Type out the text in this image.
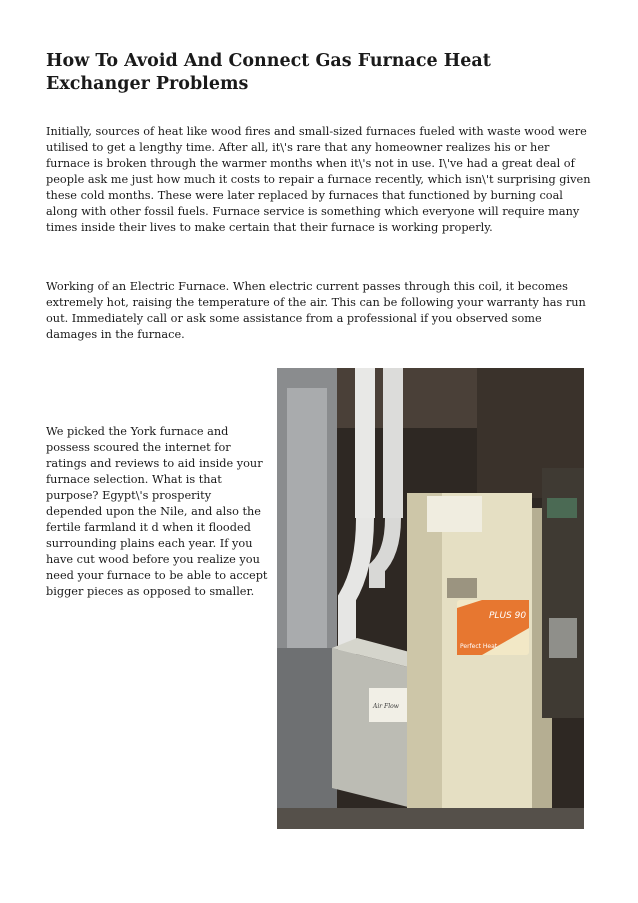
How To Avoid And Connect Gas Furnace Heat Exchanger Problems

Initially, sources of heat like wood fires and small-sized furnaces fueled with waste wood were utilised to get a lengthy time. After all, it\'s rare that any homeowner realizes his or her furnace is broken through the warmer months when it\'s not in use. I\'ve had a great deal of people ask me just how much it costs to repair a furnace recently, which isn\'t surprising given these cold months. These were later replaced by furnaces that functioned by burning coal along with other fossil fuels. Furnace service is something which everyone will require many times inside their lives to make certain that their furnace is working properly.

Working of an Electric Furnace. When electric current passes through this coil, it becomes extremely hot, raising the temperature of the air. This can be following your warranty has run out. Immediately call or ask some assistance from a professional if you observed some damages in the furnace.

We picked the York furnace and possess scoured the internet for ratings and reviews to aid inside your furnace selection. What is that purpose? Egypt\'s prosperity depended upon the Nile, and also the fertile farmland it d when it flooded surrounding plains each year. If you have cut wood before you realize you need your furnace to be able to accept bigger pieces as opposed to smaller.

PLUS 90
Perfect Heat
Air Flow
